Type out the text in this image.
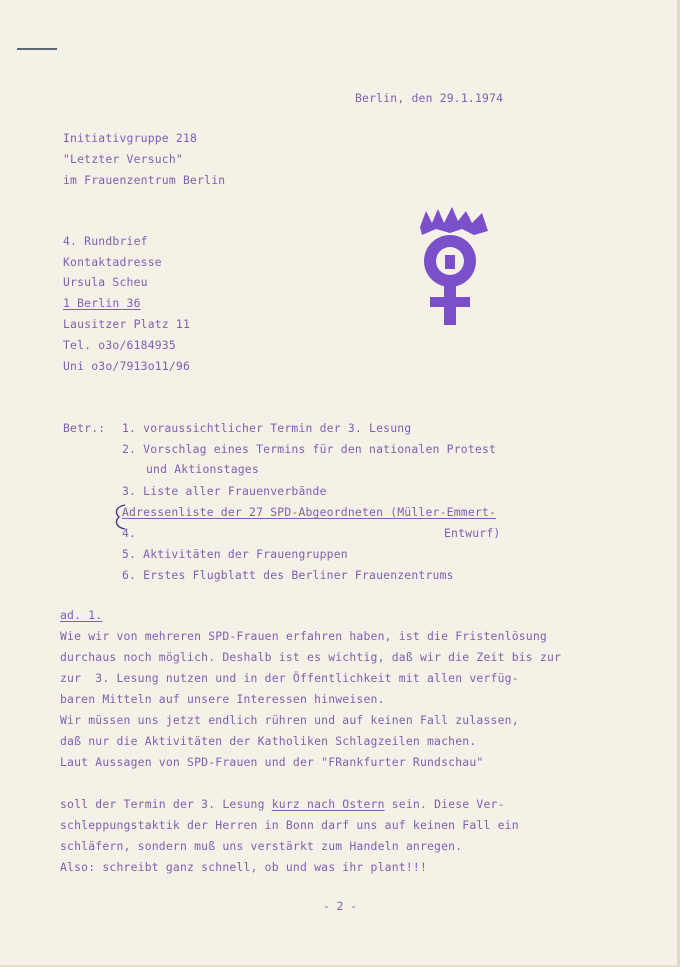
Berlin, den 29.1.1974
Initiativgruppe 218
"Letzter Versuch"
im Frauenzentrum Berlin
4. Rundbrief
Kontaktadresse
Ursula Scheu
1 Berlin 36
Lausitzer Platz 11
Tel. o3o/6184935
Uni o3o/7913o11/96
Betr.: 1. voraussichtlicher Termin der 3. Lesung
2. Vorschlag eines Termins für den nationalen Protest
und Aktionstages
3. Liste aller Frauenverbände
Adressenliste der 27 SPD-Abgeordneten (Müller-Emmert-
Entwurf)
4.
5. Aktivitäten der Frauengruppen
6. Erstes Flugblatt des Berliner Frauenzentrums
ad. 1.
Wie wir von mehreren SPD-Frauen erfahren haben, ist die Fristenlösung
durchaus noch möglich. Deshalb ist es wichtig, daß wir die Zeit bis zur
zur  3. Lesung nutzen und in der Öffentlichkeit mit allen verfüg-
baren Mitteln auf unsere Interessen hinweisen.
Wir müssen uns jetzt endlich rühren und auf keinen Fall zulassen,
daß nur die Aktivitäten der Katholiken Schlagzeilen machen.
Laut Aussagen von SPD-Frauen und der "FRankfurter Rundschau"
soll der Termin der 3. Lesung kurz nach Ostern sein. Diese Ver-
schleppungstaktik der Herren in Bonn darf uns auf keinen Fall ein
schläfern, sondern muß uns verstärkt zum Handeln anregen.
Also: schreibt ganz schnell, ob und was ihr plant!!!
- 2 -
